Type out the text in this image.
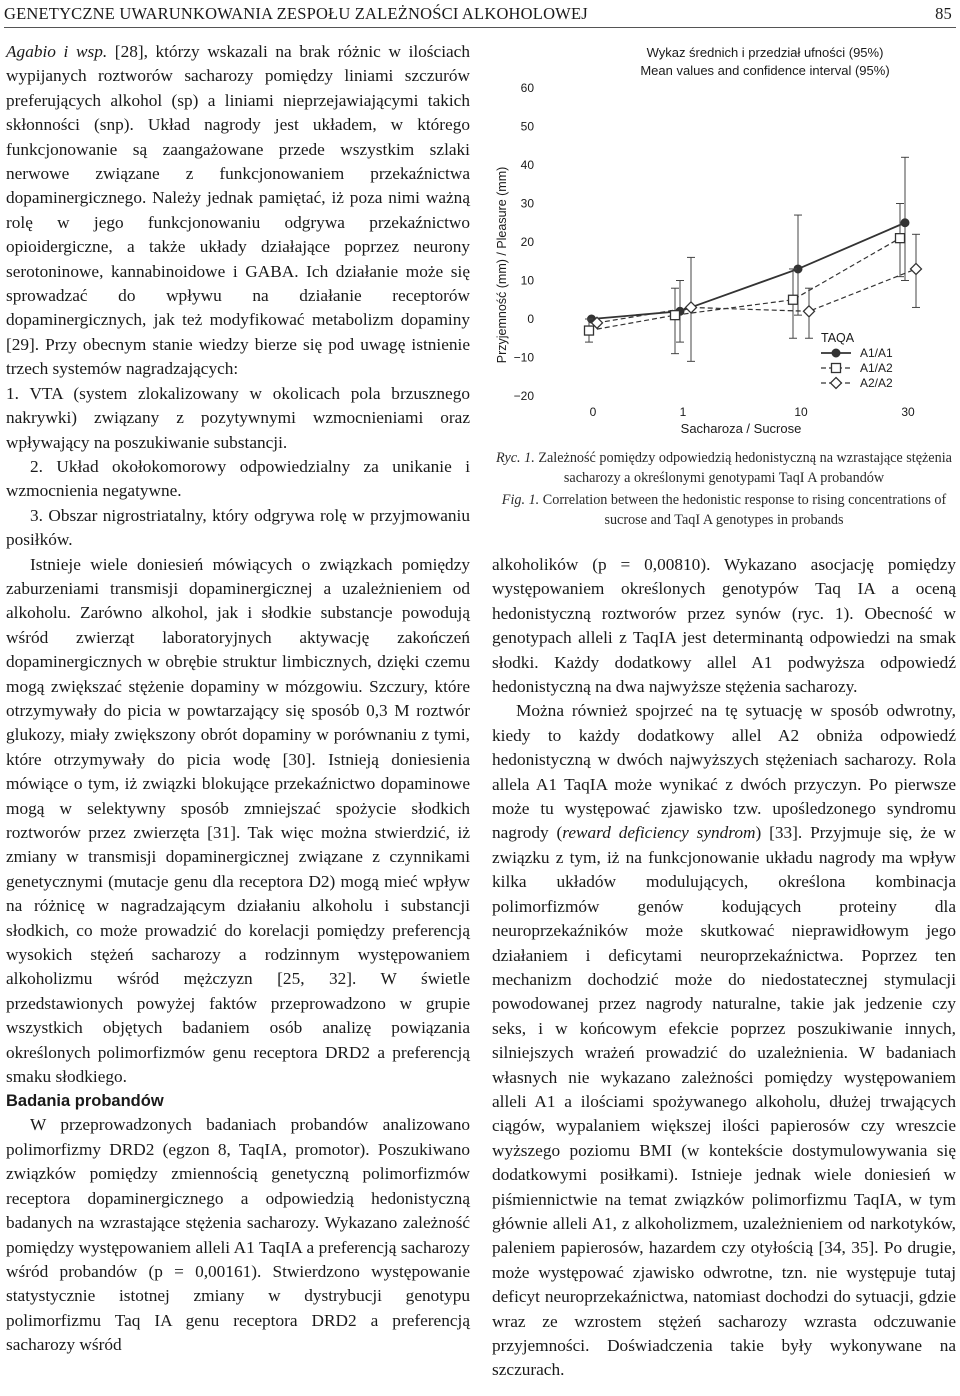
GENETYCZNE UWARUNKOWANIA ZESPOŁU ZALEŻNOŚCI ALKOHOLOWEJ	85

Agabio i wsp. [28], którzy wskazali na brak różnic w ilościach wypijanych roztworów sacharozy pomiędzy liniami szczurów preferujących alkohol (sp) a liniami nieprzejawiającymi takich skłonności (snp). Układ nagrody jest układem, w którego funkcjonowanie są zaangażowane przede wszystkim szlaki nerwowe związane z funkcjonowaniem przekaźnictwa dopaminergicznego. Należy jednak pamiętać, iż poza nimi ważną rolę w jego funkcjonowaniu odgrywa przekaźnictwo opioidergiczne, a także układy działające poprzez neurony serotoninowe, kannabinoidowe i GABA. Ich działanie może się sprowadzać do wpływu na działanie receptorów dopaminergicznych, jak też modyfikować metabolizm dopaminy [29]. Przy obecnym stanie wiedzy bierze się pod uwagę istnienie trzech systemów nagradzających:

1. VTA (system zlokalizowany w okolicach pola brzusznego nakrywki) związany z pozytywnymi wzmocnieniami oraz wpływający na poszukiwanie substancji.

2. Układ okołokomorowy odpowiedzialny za unikanie i wzmocnienia negatywne.

3. Obszar nigrostriatalny, który odgrywa rolę w przyjmowaniu posiłków.

Istnieje wiele doniesień mówiących o związkach pomiędzy zaburzeniami transmisji dopaminergicznej a uzależnieniem od alkoholu. Zarówno alkohol, jak i słodkie substancje powodują wśród zwierząt laboratoryjnych aktywację zakończeń dopaminergicznych w obrębie struktur limbicznych, dzięki czemu mogą zwiększać stężenie dopaminy w mózgowiu. Szczury, które otrzymywały do picia w powtarzający się sposób 0,3 M roztwór glukozy, miały zwiększony obrót dopaminy w porównaniu z tymi, które otrzymywały do picia wodę [30]. Istnieją doniesienia mówiące o tym, iż związki blokujące przekaźnictwo dopaminowe mogą w selektywny sposób zmniejszać spożycie słodkich roztworów przez zwierzęta [31]. Tak więc można stwierdzić, iż zmiany w transmisji dopaminergicznej związane z czynnikami genetycznymi (mutacje genu dla receptora D2) mogą mieć wpływ na różnicę w nagradzającym działaniu alkoholu i substancji słodkich, co może prowadzić do korelacji pomiędzy preferencją wysokich stężeń sacharozy a rodzinnym występowaniem alkoholizmu wśród mężczyzn [25, 32]. W świetle przedstawionych powyżej faktów przeprowadzono w grupie wszystkich objętych badaniem osób analizę powiązania określonych polimorfizmów genu receptora DRD2 a preferencją smaku słodkiego.

Badania probandów

W przeprowadzonych badaniach probandów analizowano polimorfizmy DRD2 (egzon 8, TaqIA, promotor). Poszukiwano związków pomiędzy zmiennością genetyczną polimorfizmów receptora dopaminergicznego a odpowiedzią hedonistyczną badanych na wzrastające stężenia sacharozy. Wykazano zależność pomiędzy występowaniem alleli A1 TaqIA a preferencją sacharozy wśród probandów (p = 0,00161). Stwierdzono występowanie statystycznie istotnej zmiany w dystrybucji genotypu polimorfizmu Taq IA genu receptora DRD2 a preferencją sacharozy wśród

Wykaz średnich i przedział ufności (95%)
Mean values and confidence interval (95%)
Przyjemność (mm) / Pleasure (mm)
Sacharoza / Sucrose
60
50
40
30
20
10
0
−10
−20
0	1	10	30
TAQA
A1/A1
A1/A2
A2/A2
Ryc. 1. Zależność pomiędzy odpowiedzią hedonistyczną na wzrastające stężenia sacharozy a określonymi genotypami TaqI A probandów
Fig. 1. Correlation between the hedonistic response to rising concentrations of sucrose and TaqI A genotypes in probands

alkoholików (p = 0,00810). Wykazano asocjację pomiędzy występowaniem określonych genotypów Taq IA a oceną hedonistyczną roztworów przez synów (ryc. 1). Obecność w genotypach alleli z TaqIA jest determinantą odpowiedzi na smak słodki. Każdy dodatkowy allel A1 podwyższa odpowiedź hedonistyczną na dwa najwyższe stężenia sacharozy.

Można również spojrzeć na tę sytuację w sposób odwrotny, kiedy to każdy dodatkowy allel A2 obniża odpowiedź hedonistyczną w dwóch najwyższych stężeniach sacharozy. Rola allela A1 TaqIA może wynikać z dwóch przyczyn. Po pierwsze może tu występować zjawisko tzw. upośledzonego syndromu nagrody (reward deficiency syndrom) [33]. Przyjmuje się, że w związku z tym, iż na funkcjonowanie układu nagrody ma wpływ kilka układów modulujących, określona kombinacja polimorfizmów genów kodujących proteiny dla neuroprzekaźników może skutkować nieprawidłowym jego działaniem i deficytami neuroprzekaźnictwa. Poprzez ten mechanizm dochodzić może do niedostatecznej stymulacji powodowanej przez nagrody naturalne, takie jak jedzenie czy seks, i w końcowym efekcie poprzez poszukiwanie innych, silniejszych wrażeń prowadzić do uzależnienia. W badaniach własnych nie wykazano zależności pomiędzy występowaniem alleli A1 a ilościami spożywanego alkoholu, dłużej trwających ciągów, wypalaniem większej ilości papierosów czy wreszcie wyższego poziomu BMI (w kontekście dostymulowywania się dodatkowymi posiłkami). Istnieje jednak wiele doniesień w piśmiennictwie na temat związków polimorfizmu TaqIA, w tym głównie alleli A1, z alkoholizmem, uzależnieniem od narkotyków, paleniem papierosów, hazardem czy otyłością [34, 35]. Po drugie, może występować zjawisko odwrotne, tzn. nie występuje tutaj deficyt neuroprzekaźnictwa, natomiast dochodzi do sytuacji, gdzie wraz ze wzrostem stężeń sacharozy wzrasta odczuwanie przyjemności. Doświadczenia takie były wykonywane na szczurach.
